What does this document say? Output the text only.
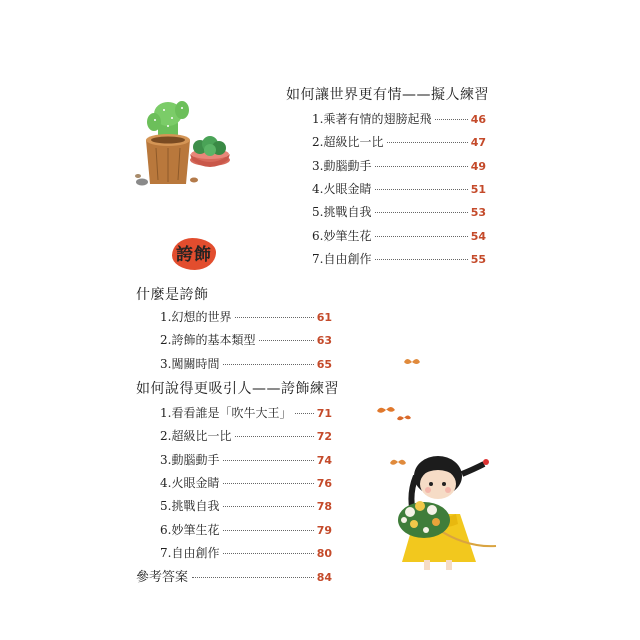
如何讓世界更有情——擬人練習
1.乘著有情的翅膀起飛	46
2.超級比一比	47
3.動腦動手	49
4.火眼金睛	51
5.挑戰自我	53
6.妙筆生花	54
7.自由創作	55
誇飾
什麼是誇飾
1.幻想的世界	61
2.誇飾的基本類型	63
3.闖關時間	65
如何說得更吸引人——誇飾練習
1.看看誰是「吹牛大王」 71
2.超級比一比	72
3.動腦動手	74
4.火眼金睛	76
5.挑戰自我	78
6.妙筆生花	79
7.自由創作	80
參考答案	84
